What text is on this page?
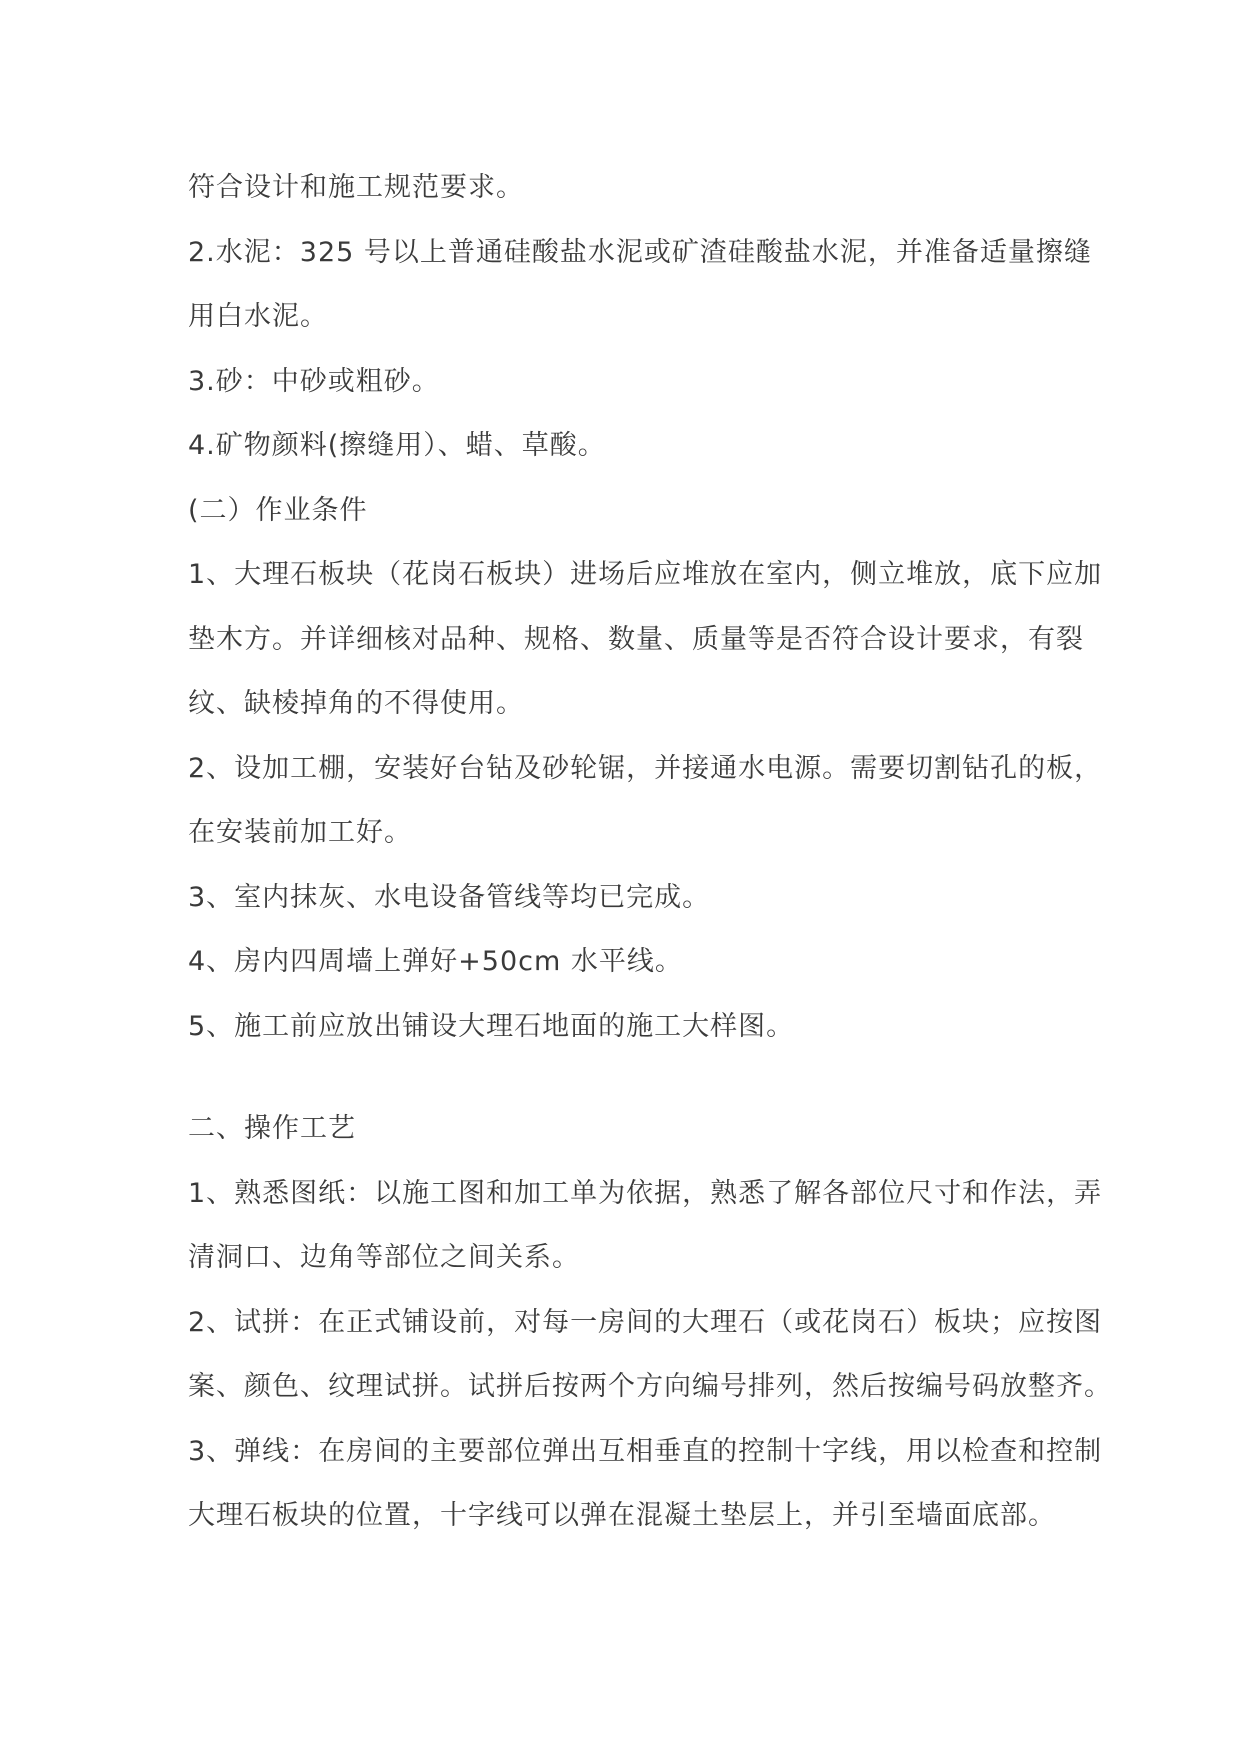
符合设计和施工规范要求。

2.水泥：325 号以上普通硅酸盐水泥或矿渣硅酸盐水泥，并准备适量擦缝用白水泥。

3.砂：中砂或粗砂。

4.矿物颜料(擦缝用）、蜡、草酸。

(二）作业条件

1、大理石板块（花岗石板块）进场后应堆放在室内，侧立堆放，底下应加垫木方。并详细核对品种、规格、数量、质量等是否符合设计要求，有裂纹、缺棱掉角的不得使用。

2、设加工棚，安装好台钻及砂轮锯，并接通水电源。需要切割钻孔的板，在安装前加工好。

3、室内抹灰、水电设备管线等均已完成。

4、房内四周墙上弹好+50cm 水平线。

5、施工前应放出铺设大理石地面的施工大样图。

二、操作工艺

1、熟悉图纸：以施工图和加工单为依据，熟悉了解各部位尺寸和作法，弄清洞口、边角等部位之间关系。

2、试拼：在正式铺设前，对每一房间的大理石（或花岗石）板块；应按图案、颜色、纹理试拼。试拼后按两个方向编号排列，然后按编号码放整齐。

3、弹线：在房间的主要部位弹出互相垂直的控制十字线，用以检查和控制大理石板块的位置，十字线可以弹在混凝土垫层上，并引至墙面底部。
